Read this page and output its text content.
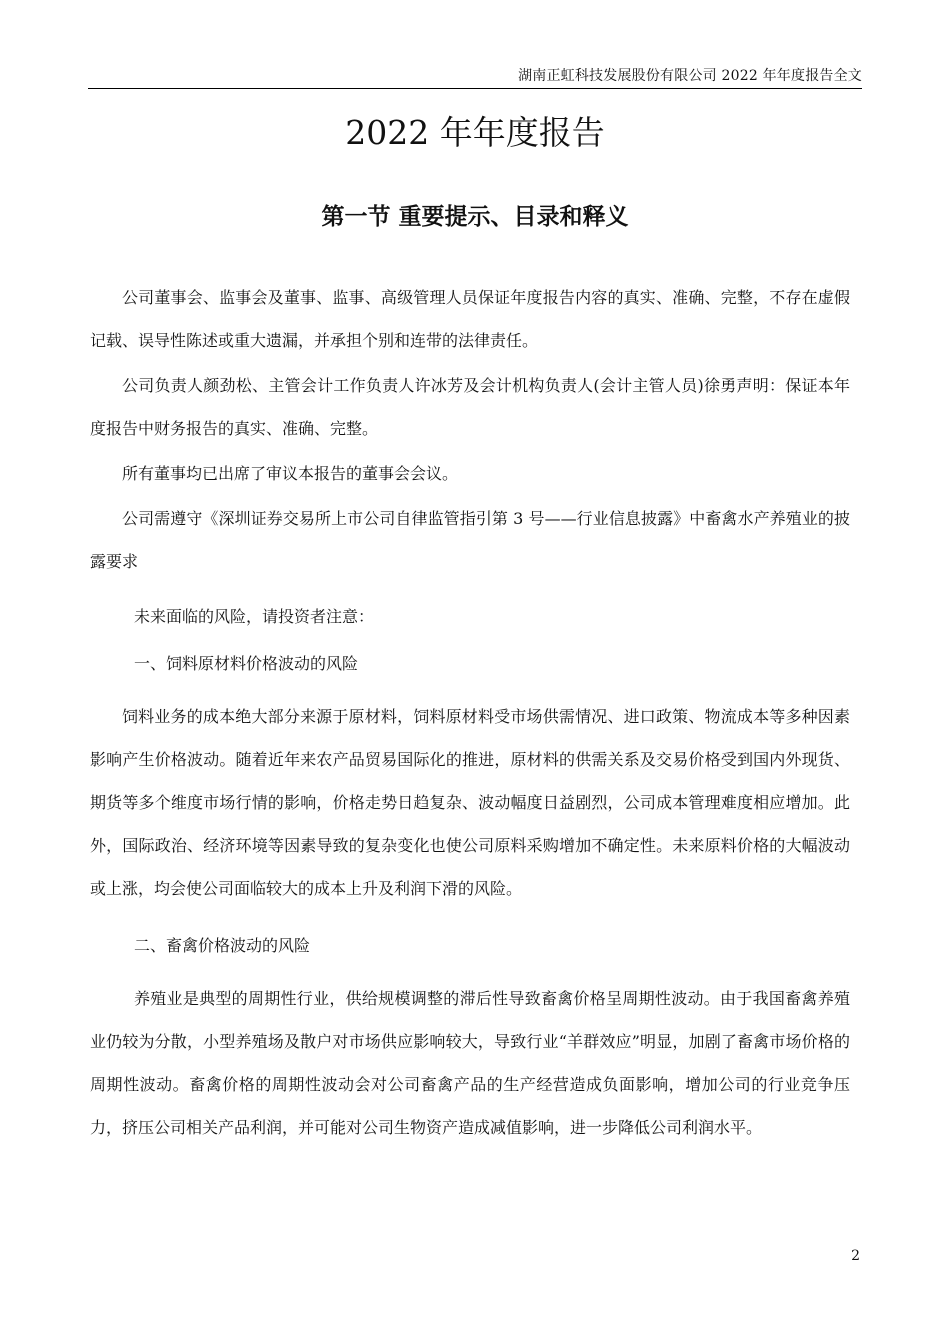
湖南正虹科技发展股份有限公司 2022 年年度报告全文
2022 年年度报告
第一节 重要提示、目录和释义

公司董事会、监事会及董事、监事、高级管理人员保证年度报告内容的真实、准确、完整，不存在虚假记载、误导性陈述或重大遗漏，并承担个别和连带的法律责任。

公司负责人颜劲松、主管会计工作负责人许冰芳及会计机构负责人(会计主管人员)徐勇声明：保证本年度报告中财务报告的真实、准确、完整。

所有董事均已出席了审议本报告的董事会会议。

公司需遵守《深圳证券交易所上市公司自律监管指引第 3 号——行业信息披露》中畜禽水产养殖业的披露要求

未来面临的风险，请投资者注意：

一、饲料原材料价格波动的风险

饲料业务的成本绝大部分来源于原材料，饲料原材料受市场供需情况、进口政策、物流成本等多种因素影响产生价格波动。随着近年来农产品贸易国际化的推进，原材料的供需关系及交易价格受到国内外现货、期货等多个维度市场行情的影响，价格走势日趋复杂、波动幅度日益剧烈，公司成本管理难度相应增加。此外，国际政治、经济环境等因素导致的复杂变化也使公司原料采购增加不确定性。未来原料价格的大幅波动或上涨，均会使公司面临较大的成本上升及利润下滑的风险。

二、畜禽价格波动的风险

养殖业是典型的周期性行业，供给规模调整的滞后性导致畜禽价格呈周期性波动。由于我国畜禽养殖业仍较为分散，小型养殖场及散户对市场供应影响较大，导致行业“羊群效应”明显，加剧了畜禽市场价格的周期性波动。畜禽价格的周期性波动会对公司畜禽产品的生产经营造成负面影响，增加公司的行业竞争压力，挤压公司相关产品利润，并可能对公司生物资产造成减值影响，进一步降低公司利润水平。

2
